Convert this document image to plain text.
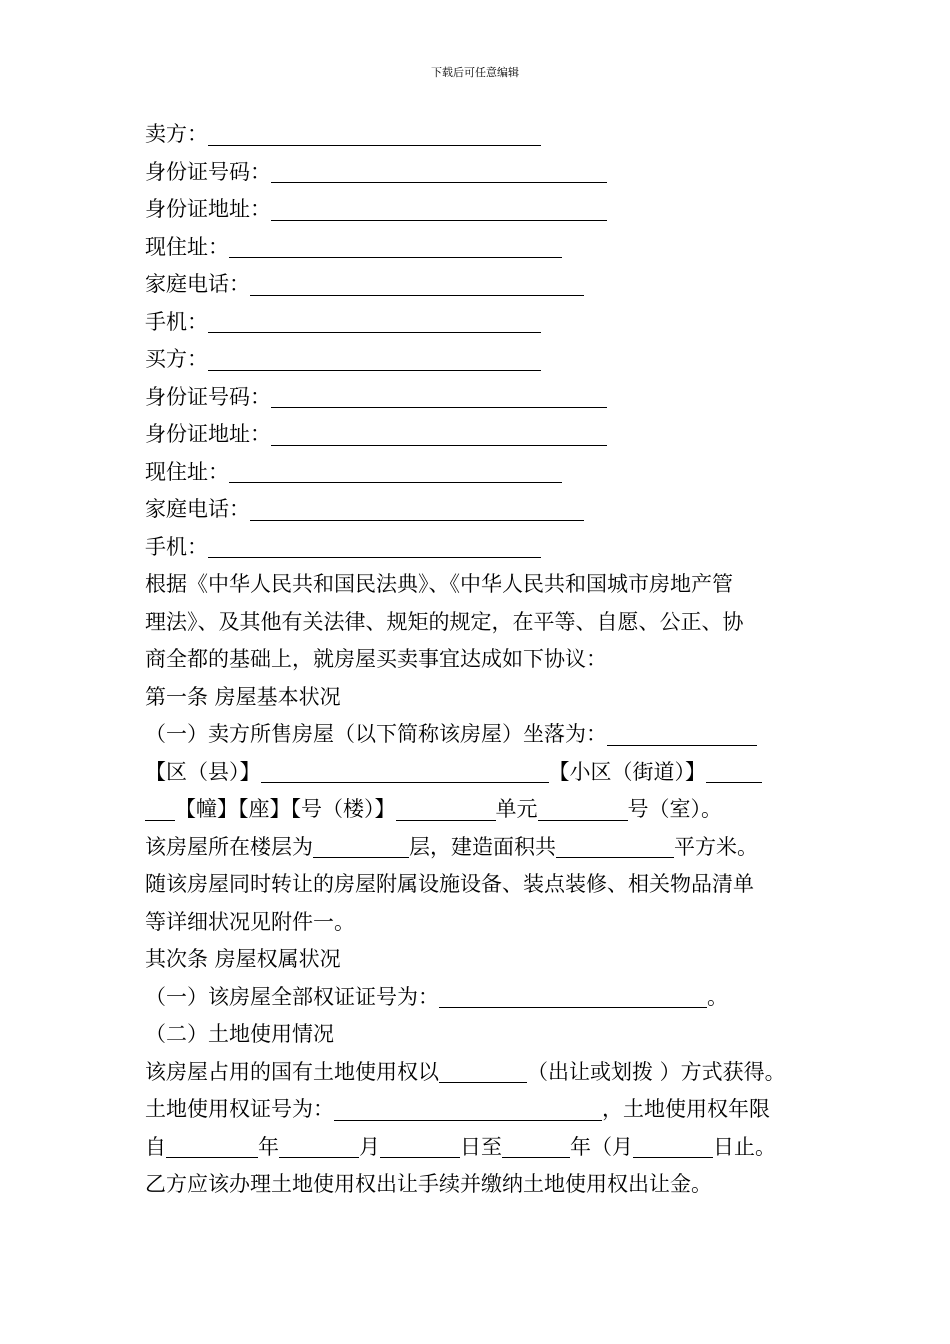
下载后可任意编辑
卖方：
身份证号码：
身份证地址：
现住址：
家庭电话：
手机：
买方：
身份证号码：
身份证地址：
现住址：
家庭电话：
手机：
根据《中华人民共和国民法典》、《中华人民共和国城市房地产管
理法》、及其他有关法律、规矩的规定，在平等、自愿、公正、协
商全都的基础上，就房屋买卖事宜达成如下协议：
第一条 房屋基本状况
（一）卖方所售房屋（以下简称该房屋）坐落为：
【区（县）】	【小区（街道）】
【幢】【座】【号（楼）】	单元	号（室）。
该房屋所在楼层为	层，建造面积共	平方米。
随该房屋同时转让的房屋附属设施设备、装点装修、相关物品清单
等详细状况见附件一。
其次条 房屋权属状况
（一）该房屋全部权证证号为：	。
（二）土地使用情况
该房屋占用的国有土地使用权以	（出让或划拨 ）方式获得。
土地使用权证号为：	，土地使用权年限
自	年	月	日至	年（月	日止。
乙方应该办理土地使用权出让手续并缴纳土地使用权出让金。
